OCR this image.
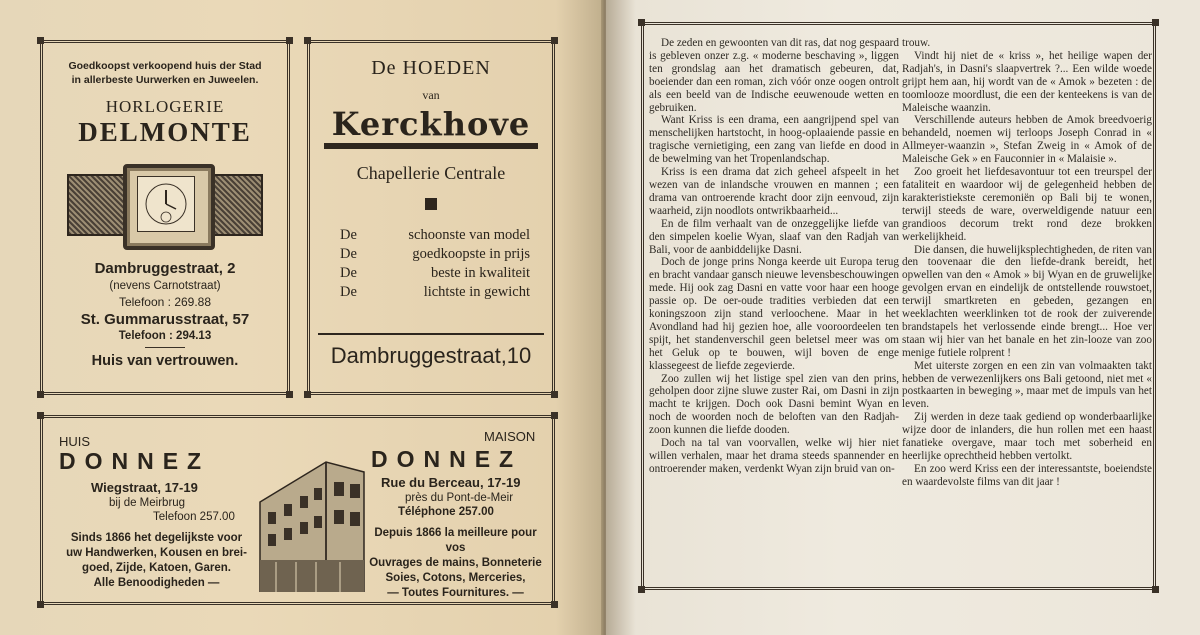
Goedkoopst verkoopend huis der Stad
in allerbeste Uurwerken en Juweelen.
HORLOGERIE
DELMONTE
Dambruggestraat, 2
(nevens Carnotstraat)
Telefoon : 269.88
St. Gummarusstraat, 57
Telefoon : 294.13
Huis van vertrouwen.
De HOEDEN
van
Kerckhove
Chapellerie Centrale
De	schoonste van model
De	goedkoopste in prijs
De	beste in kwaliteit
De	lichtste in gewicht
Dambruggestraat,10
HUIS
DONNEZ
Wiegstraat, 17-19
bij de Meirbrug
Telefoon 257.00
Sinds 1866 het degelijkste voor
uw Handwerken, Kousen en brei-
goed, Zijde, Katoen, Garen.
Alle Benoodigheden —
MAISON
DONNEZ
Rue du Berceau, 17-19
près du Pont-de-Meir
Téléphone 257.00
Depuis 1866 la meilleure pour vos
Ouvrages de mains, Bonneterie
Soies, Cotons, Merceries,
— Toutes Fournitures. —

De zeden en gewoonten van dit ras, dat nog gespaard is gebleven onzer z.g. « moderne beschaving », liggen ten grondslag aan het dramatisch gebeuren, dat, boeiender dan een roman, zich vóór onze oogen ontrolt als een beeld van de Indische eeuwenoude wetten en gebruiken.

Want Kriss is een drama, een aangrijpend spel van menschelijken hartstocht, in hoog-oplaaiende passie en tragische vernietiging, een zang van liefde en dood in de bewelming van het Tropenlandschap.

Kriss is een drama dat zich geheel afspeelt in het wezen van de inlandsche vrouwen en mannen ; een drama van ontroerende kracht door zijn eenvoud, zijn waarheid, zijn noodlots ontwrikbaarheid...

En de film verhaalt van de onzeggelijke liefde van den simpelen koelie Wyan, slaaf van den Radjah van Bali, voor de aanbiddelijke Dasni.

Doch de jonge prins Nonga keerde uit Europa terug en bracht vandaar gansch nieuwe levensbeschouwingen mede. Hij ook zag Dasni en vatte voor haar een hooge passie op. De oer-oude tradities verbieden dat een koningszoon zijn stand verloochene. Maar in het Avondland had hij gezien hoe, alle vooroordeelen ten spijt, het standenverschil geen beletsel meer was om het Geluk op te bouwen, wijl boven de enge klassegeest de liefde zegevierde.

Zoo zullen wij het listige spel zien van den prins, geholpen door zijne sluwe zuster Rai, om Dasni in zijn macht te krijgen. Doch ook Dasni bemint Wyan en noch de woorden noch de beloften van den Radjah-zoon kunnen die liefde dooden.

Doch na tal van voorvallen, welke wij hier niet willen verhalen, maar het drama steeds spannender en ontroerender maken, verdenkt Wyan zijn bruid van on-

trouw.

Vindt hij niet de « kriss », het heilige wapen der Radjah's, in Dasni's slaapvertrek ?... Een wilde woede grijpt hem aan, hij wordt van de « Amok » bezeten : de toomlooze moordlust, die een der kenteekens is van de Maleische waanzin.

Verschillende auteurs hebben de Amok breedvoerig behandeld, noemen wij terloops Joseph Conrad in « Allmeyer-waanzin », Stefan Zweig in « Amok of de Maleische Gek » en Fauconnier in « Malaisie ».

Zoo groeit het liefdesavontuur tot een treurspel der fataliteit en waardoor wij de gelegenheid hebben de karakteristiekste ceremoniën op Bali bij te wonen, terwijl steeds de ware, overweldigende natuur een grandioos decorum trekt rond deze brokken werkelijkheid.

Die dansen, die huwelijksplechtigheden, de riten van den toovenaar die den liefde-drank bereidt, het opwellen van den « Amok » bij Wyan en de gruwelijke gevolgen ervan en eindelijk de ontstellende rouwstoet, terwijl smartkreten en gebeden, gezangen en weeklachten weerklinken tot de rook der zuiverende brandstapels het verlossende einde brengt... Hoe ver staan wij hier van het banale en het zin-looze van zoo menige futiele rolprent !

Met uiterste zorgen en een zin van volmaakten takt hebben de verwezenlijkers ons Bali getoond, niet met « postkaarten in beweging », maar met de impuls van het leven.

Zij werden in deze taak gediend op wonderbaarlijke wijze door de inlanders, die hun rollen met een haast fanatieke overgave, maar toch met soberheid en heerlijke oprechtheid hebben vertolkt.

En zoo werd Kriss een der interessantste, boeiendste en waardevolste films van dit jaar !
